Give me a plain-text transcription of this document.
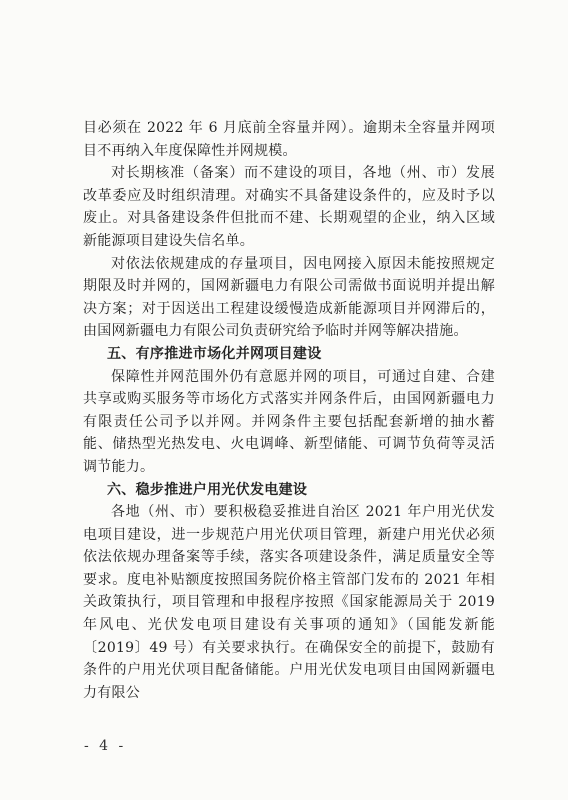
目必须在 2022 年 6 月底前全容量并网）。逾期未全容量并网项目不再纳入年度保障性并网规模。

对长期核准（备案）而不建设的项目，各地（州、市）发展改革委应及时组织清理。对确实不具备建设条件的，应及时予以废止。对具备建设条件但批而不建、长期观望的企业，纳入区域新能源项目建设失信名单。

对依法依规建成的存量项目，因电网接入原因未能按照规定期限及时并网的，国网新疆电力有限公司需做书面说明并提出解决方案；对于因送出工程建设缓慢造成新能源项目并网滞后的，由国网新疆电力有限公司负责研究给予临时并网等解决措施。

五、有序推进市场化并网项目建设

保障性并网范围外仍有意愿并网的项目，可通过自建、合建共享或购买服务等市场化方式落实并网条件后，由国网新疆电力有限责任公司予以并网。并网条件主要包括配套新增的抽水蓄能、储热型光热发电、火电调峰、新型储能、可调节负荷等灵活调节能力。

六、稳步推进户用光伏发电建设

各地（州、市）要积极稳妥推进自治区 2021 年户用光伏发电项目建设，进一步规范户用光伏项目管理，新建户用光伏必须依法依规办理备案等手续，落实各项建设条件，满足质量安全等要求。度电补贴额度按照国务院价格主管部门发布的 2021 年相关政策执行，项目管理和申报程序按照《国家能源局关于 2019 年风电、光伏发电项目建设有关事项的通知》（国能发新能〔2019〕49 号）有关要求执行。在确保安全的前提下，鼓励有条件的户用光伏项目配备储能。户用光伏发电项目由国网新疆电力有限公

- 4 -
